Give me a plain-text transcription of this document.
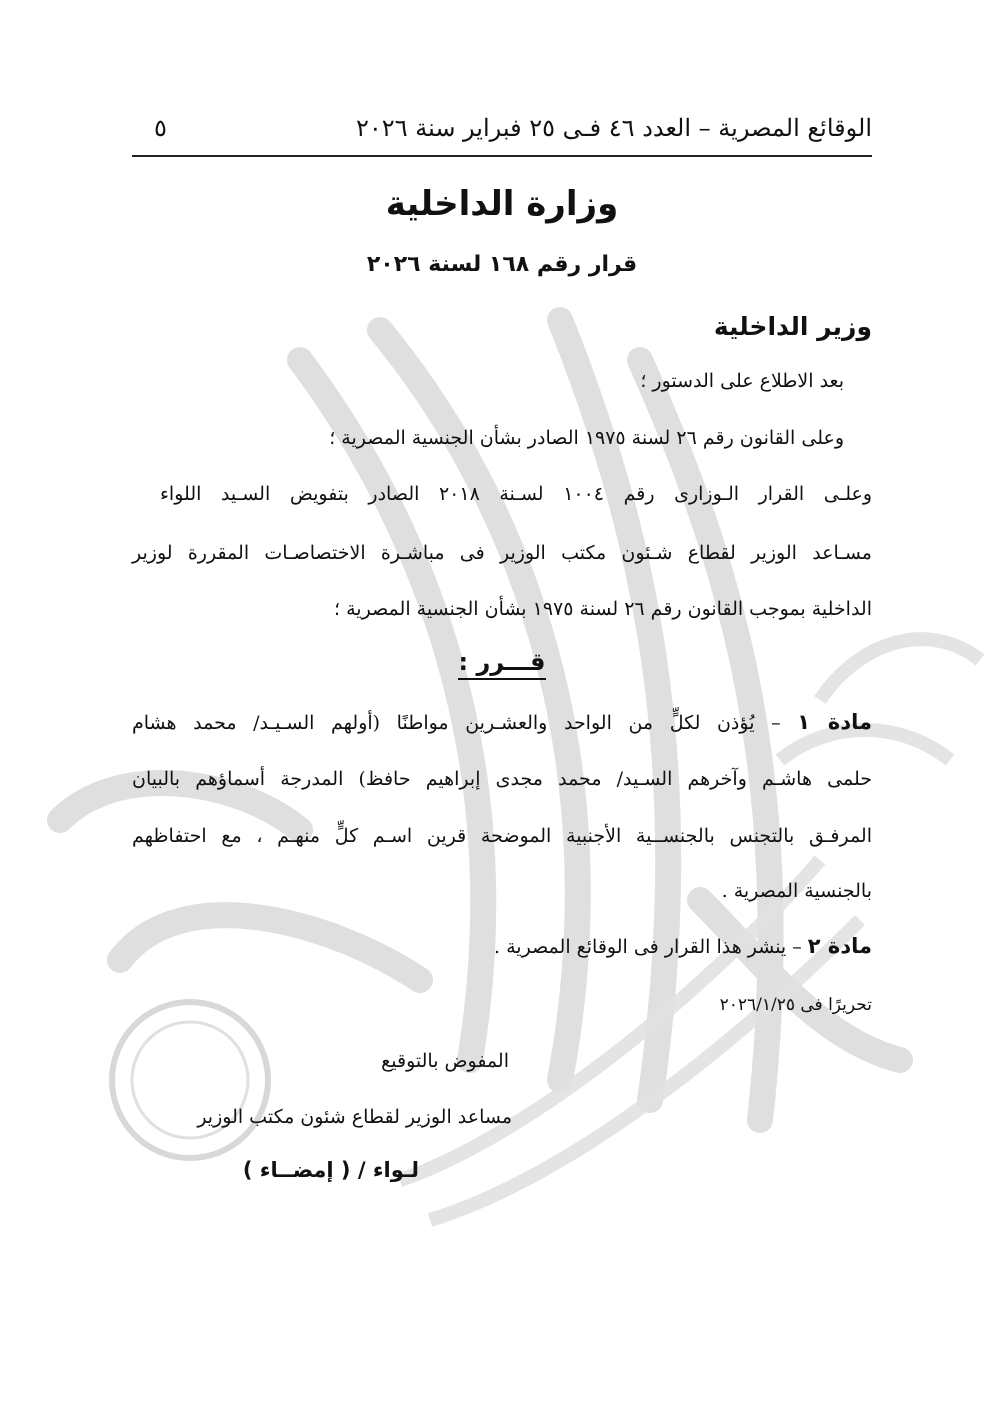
الوقائع المصرية – العدد ٤٦ فـى ٢٥ فبراير سنة ٢٠٢٦
٥
وزارة الداخلية
قرار رقم ١٦٨ لسنة ٢٠٢٦
وزير الداخلية
بعد الاطلاع على الدستور ؛
وعلى القانون رقم ٢٦ لسنة ١٩٧٥ الصادر بشأن الجنسية المصرية ؛
وعلـى القرار الـوزارى رقم ١٠٠٤ لسـنة ٢٠١٨ الصادر بتفويض السـيد اللواء
مسـاعد الوزير لقطاع شـئون مكتب الوزير فى مباشـرة الاختصاصـات المقررة لوزير
الداخلية بموجب القانون رقم ٢٦ لسنة ١٩٧٥ بشأن الجنسية المصرية ؛
قـــرر :
مادة ١ – يُؤذن لكلٍّ من الواحد والعشـرين مواطنًا (أولهم السـيـد/ محمد هشام
حلمى هاشـم وآخرهم السـيد/ محمد مجدى إبراهيم حافظ) المدرجة أسماؤهم بالبيان
المرفـق بالتجنس بالجنســية الأجنبية الموضحة قرين اسـم كلٍّ منهـم ، مع احتفاظهم
بالجنسية المصرية .
مادة ٢ – ينشر هذا القرار فى الوقائع المصرية .
تحريرًا فى ٢٠٢٦/١/٢٥
المفوض بالتوقيع
مساعد الوزير لقطاع شئون مكتب الوزير
لـواء / ( إمضــاء )
